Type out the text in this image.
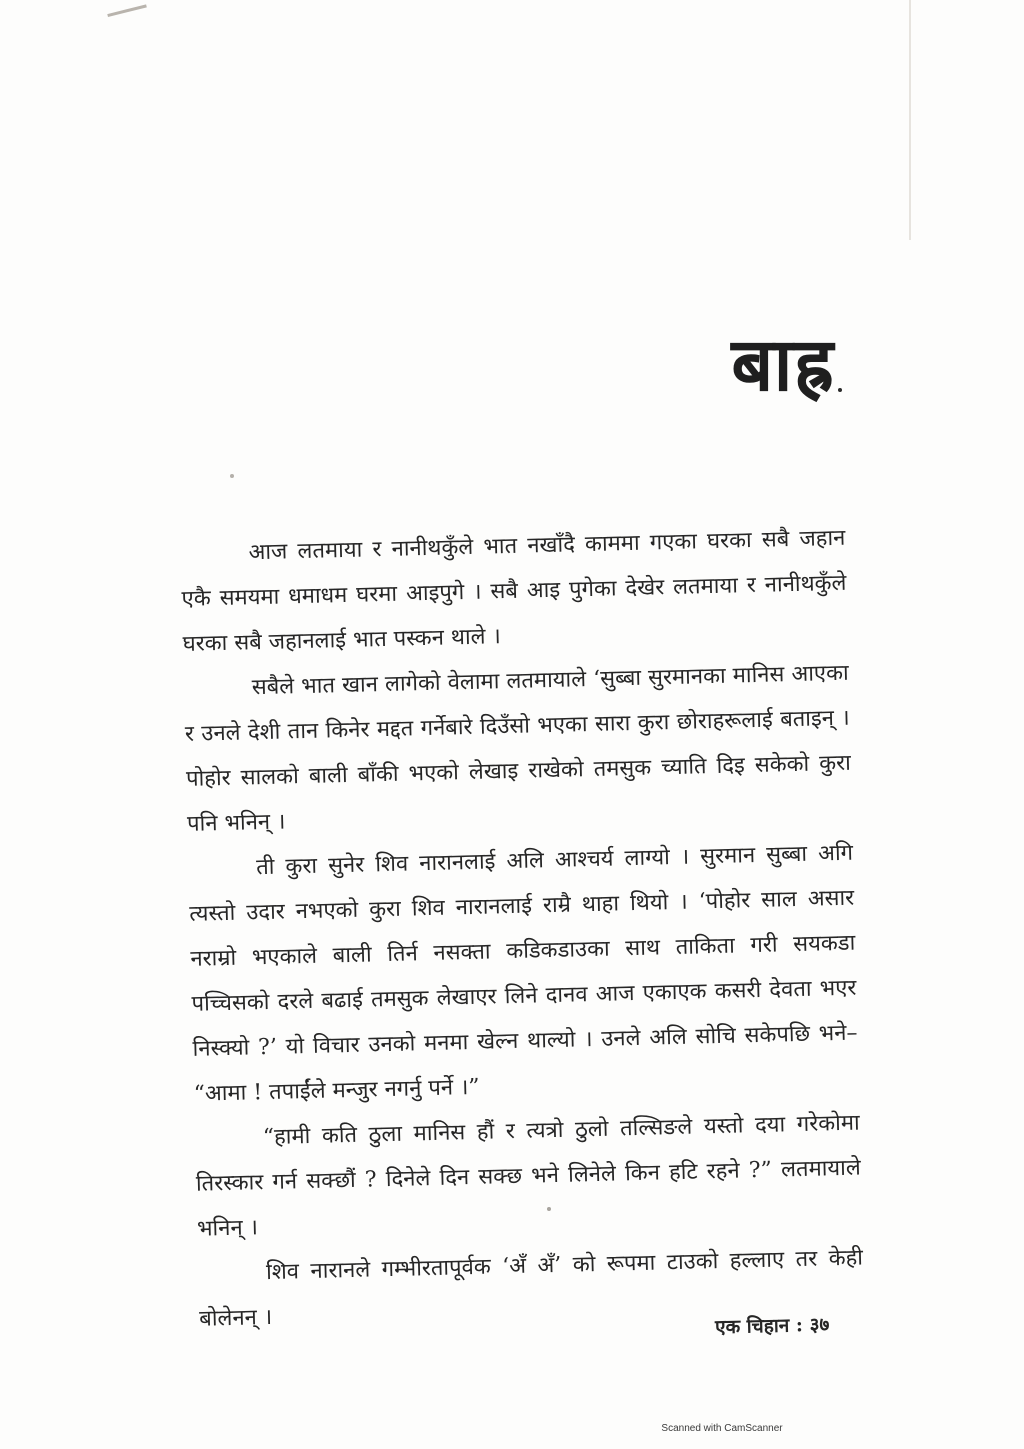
बाह्र

आज लतमाया र नानीथकुँले भात नखाँदै काममा गएका घरका सबै जहान एकै समयमा धमाधम घरमा आइपुगे । सबै आइ पुगेका देखेर लतमाया र नानीथकुँले घरका सबै जहानलाई भात पस्कन थाले ।

सबैले भात खान लागेको वेलामा लतमायाले ‘सुब्बा सुरमानका मानिस आएका र उनले देशी तान किनेर मद्दत गर्नेबारे दिउँसो भएका सारा कुरा छोराहरूलाई बताइन् । पोहोर सालको बाली बाँकी भएको लेखाइ राखेको तमसुक च्याति दिइ सकेको कुरा पनि भनिन् ।

ती कुरा सुनेर शिव नारानलाई अलि आश्चर्य लाग्यो । सुरमान सुब्बा अगि त्यस्तो उदार नभएको कुरा शिव नारानलाई राम्रै थाहा थियो । ‘पोहोर साल असार नराम्रो भएकाले बाली तिर्न नसक्ता कडिकडाउका साथ ताकिता गरी सयकडा पच्चिसको दरले बढाई तमसुक लेखाएर लिने दानव आज एकाएक कसरी देवता भएर निस्क्यो ?’ यो विचार उनको मनमा खेल्न थाल्यो । उनले अलि सोचि सकेपछि भने– “आमा ! तपाईंले मन्जुर नगर्नु पर्ने ।”

“हामी कति ठुला मानिस हौं र त्यत्रो ठुलो तल्सिङले यस्तो दया गरेकोमा तिरस्कार गर्न सक्छौं ? दिनेले दिन सक्छ भने लिनेले किन हटि रहने ?” लतमायाले भनिन् ।

शिव नारानले गम्भीरतापूर्वक ‘अँ अँ’ को रूपमा टाउको हल्लाए तर केही बोलेनन् ।	एक चिहान : ३७
Scanned with CamScanner
